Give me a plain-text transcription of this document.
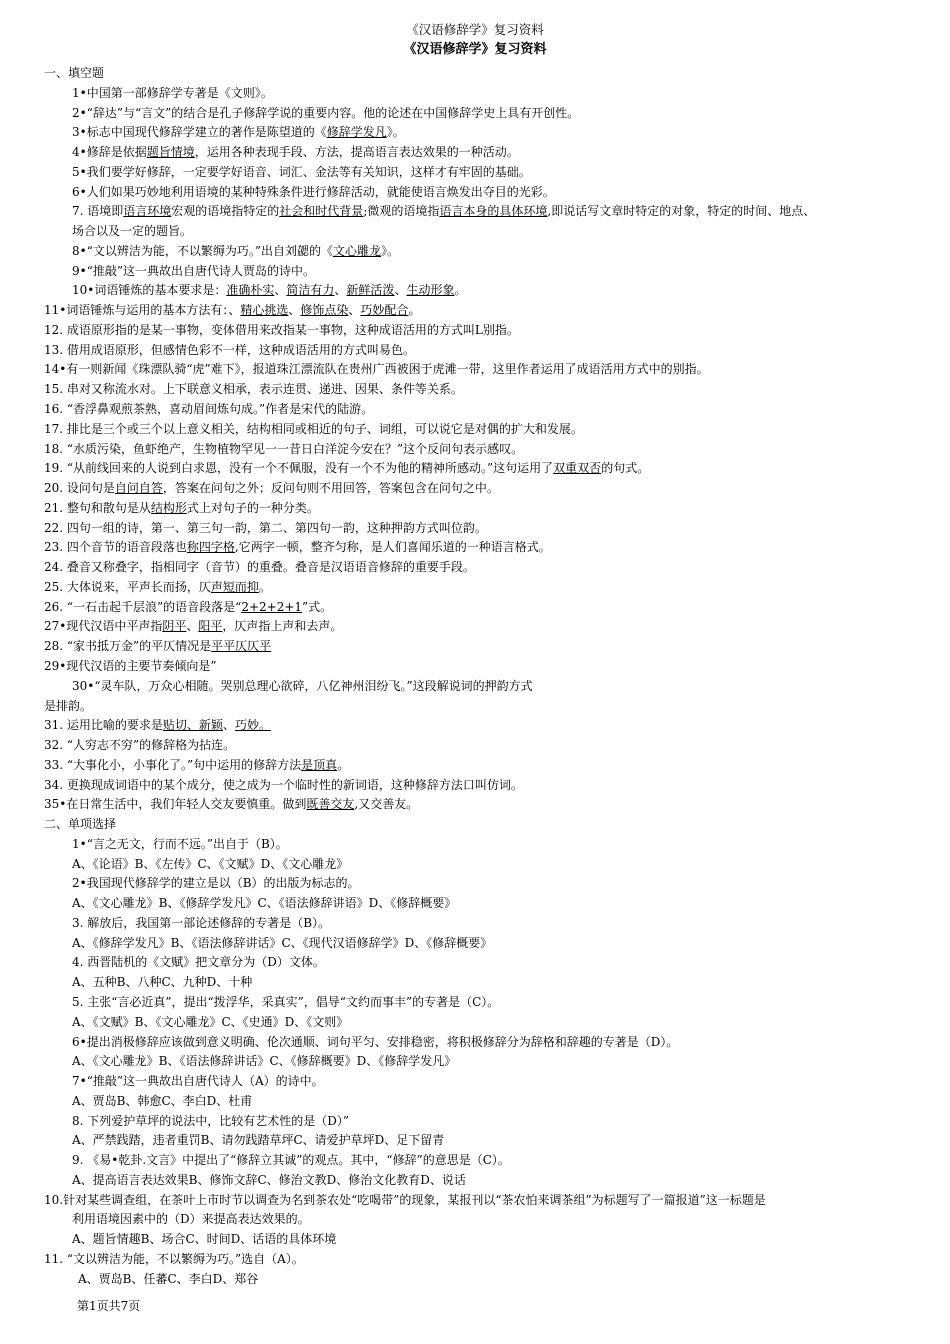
《汉语修辞学》复习资料
《汉语修辞学》复习资料
一、填空题
1•中国第一部修辞学专著是《文则》。
2•“辞达”与“言文”的结合是孔子修辞学说的重要内容。他的论述在中国修辞学史上具有开创性。
3•标志中国现代修辞学建立的著作是陈望道的《修辞学发凡》。
4•修辞是依据题旨情境，运用各种表现手段、方法，提高语言表达效果的一种活动。
5•我们要学好修辞，一定要学好语音、词汇、金法等有关知识，这样才有牢固的基础。
6•人们如果巧妙地利用语境的某种特殊条件进行修辞活动，就能使语言焕发出夺目的光彩。
7. 语境即语言环境宏观的语境指特定的社会和时代背景;微观的语境指语言本身的具体环境,即说话写文章时特定的对象，特定的时间、地点、
场合以及一定的题旨。
8•“文以辨洁为能，不以繁缛为巧。”出自刘勰的《文心雕龙》。
9•“推敲”这一典故出自唐代诗人贾岛的诗中。
10•词语锤炼的基本要求是：准确朴实、简洁有力、新鲜活泼、生动形象。
11•词语锤炼与运用的基本方法有：、精心挑选、修饰点染、巧妙配合。
12. 成语原形指的是某一事物，变体借用来改指某一事物，这种成语活用的方式叫L别指。
13. 借用成语原形，但感情色彩不一样，这种成语活用的方式叫易色。
14•有一则新闻《珠漂队骑“虎”难下》，报道珠江漂流队在贵州广西被困于虎滩一带，这里作者运用了成语活用方式中的别指。
15. 串对又称流水对。上下联意义相承，表示连贯、递进、因果、条件等关系。
16. “香浮鼻观煎茶熟，喜动眉间炼句成。”作者是宋代的陆游。
17. 排比是三个或三个以上意义相关，结构相同或相近的句子、词组，可以说它是对偶的扩大和发展。
18. “水质污染，鱼虾绝产，生物植物罕见一一昔日白洋淀今安在？”这个反问句表示感叹。
19. “从前线回来的人说到白求恩，没有一个不佩服，没有一个不为他的精神所感动。”这句运用了双重双否的句式。
20. 设问句是自问自答，答案在问句之外；反问句则不用回答，答案包含在问句之中。
21. 整句和散句是从结构形式上对句子的一种分类。
22. 四句一组的诗，第一、第三句一韵，第二、第四句一韵，这种押韵方式叫位韵。
23. 四个音节的语音段落也称四字格,它两字一顿，整齐匀称，是人们喜闻乐道的一种语言格式。
24. 叠音又称叠字，指相同字（音节）的重叠。叠音是汉语语音修辞的重要手段。
25. 大体说来，平声长而扬，仄声短而抑。
26. “一石击起千层浪”的语音段落是“2+2+2+1”式。
27•现代汉语中平声指阴平、阳平，仄声指上声和去声。
28. “家书抵万金”的平仄情况是平平仄仄平
29•现代汉语的主要节奏倾向是”
30•“灵车队，万众心相随。哭别总理心欲碎，八亿神州泪纷飞。”这段解说词的押韵方式
是排韵。
31. 运用比喻的要求是贴切、新颖、巧妙。
32. “人穷志不穷”的修辞格为拈连。
33. “大事化小，小事化了。”句中运用的修辞方法是顶真。
34. 更换现成词语中的某个成分，使之成为一个临时性的新词语，这种修辞方法口叫仿词。
35•在日常生活中，我们年轻人交友要慎重。做到既善交友,又交善友。
二、单项选择
1•“言之无文，行而不远。”出自于（B）。
A、《论语》B、《左传》C、《文赋》D、《文心雕龙》
2•我国现代修辞学的建立是以（B）的出版为标志的。
A、《文心雕龙》B、《修辞学发凡》C、《语法修辞讲语》D、《修辞概要》
3. 解放后，我国第一部论述修辞的专著是（B）。
A、《修辞学发凡》B、《语法修辞讲话》C、《现代汉语修辞学》D、《修辞概要》
4. 西晋陆机的《文赋》把文章分为（D）文体。
A、五种B、八种C、九种D、十种
5. 主张“言必近真”，提出“拨浮华，采真实”，倡导“文约而事丰”的专著是（C）。
A、《文赋》B、《文心雕龙》C、《史通》D、《文则》
6•提出消极修辞应该做到意义明确、伦次通顺、词句平匀、安排稳密，将积极修辞分为辞格和辞趣的专著是（D）。
A、《文心雕龙》B、《语法修辞讲话》C、《修辞概要》D、《修辞学发凡》
7•“推敲”这一典故出自唐代诗人（A）的诗中。
A、贾岛B、韩愈C、李白D、杜甫
8. 下列爱护草坪的说法中，比较有艺术性的是（D）”
A、严禁践踏，违者重罚B、请勿践踏草坪C、请爱护草坪D、足下留青
9. 《易•乾卦.文言》中提出了“修辞立其诚”的观点。其中，“修辞”的意思是（C）。
A、提高语言表达效果B、修饰文辞C、修治文教D、修治文化教育D、说话
10.针对某些调查组，在茶叶上市时节以调查为名到茶农处“吃喝带”的现象，某报刊以“茶农怕来调茶组”为标题写了一篇报道”这一标题是
利用语境因素中的（D）来提高表达效果的。
A、题旨情趣B、场合C、时间D、话语的具体环境
11. “文以辨洁为能，不以繁缛为巧。”选自（A）。
A、贾岛B、任蕃C、李白D、郑谷
第1页共7页
